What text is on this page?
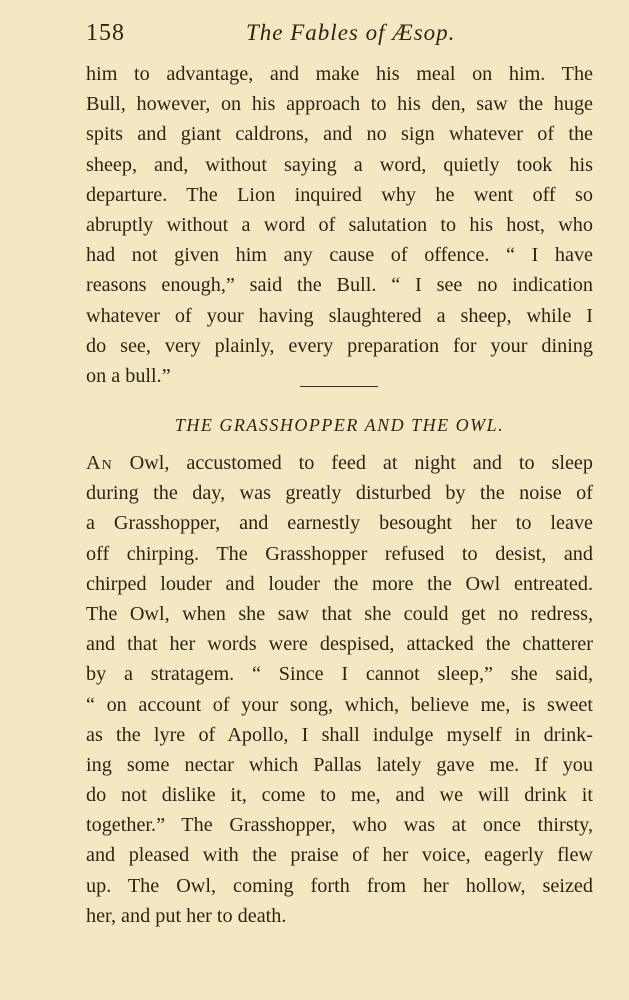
158	The Fables of Æsop.
him to advantage, and make his meal on him. The
Bull, however, on his approach to his den, saw the huge
spits and giant caldrons, and no sign whatever of the
sheep, and, without saying a word, quietly took his
departure. The Lion inquired why he went off so
abruptly without a word of salutation to his host, who
had not given him any cause of offence. “ I have
reasons enough,” said the Bull. “ I see no indication
whatever of your having slaughtered a sheep, while I
do see, very plainly, every preparation for your dining
on a bull.”
THE GRASSHOPPER AND THE OWL.
An Owl, accustomed to feed at night and to sleep
during the day, was greatly disturbed by the noise of
a Grasshopper, and earnestly besought her to leave
off chirping. The Grasshopper refused to desist, and
chirped louder and louder the more the Owl entreated.
The Owl, when she saw that she could get no redress,
and that her words were despised, attacked the chatterer
by a stratagem. “ Since I cannot sleep,” she said,
“ on account of your song, which, believe me, is sweet
as the lyre of Apollo, I shall indulge myself in drink-
ing some nectar which Pallas lately gave me. If you
do not dislike it, come to me, and we will drink it
together.” The Grasshopper, who was at once thirsty,
and pleased with the praise of her voice, eagerly flew
up. The Owl, coming forth from her hollow, seized
her, and put her to death.
